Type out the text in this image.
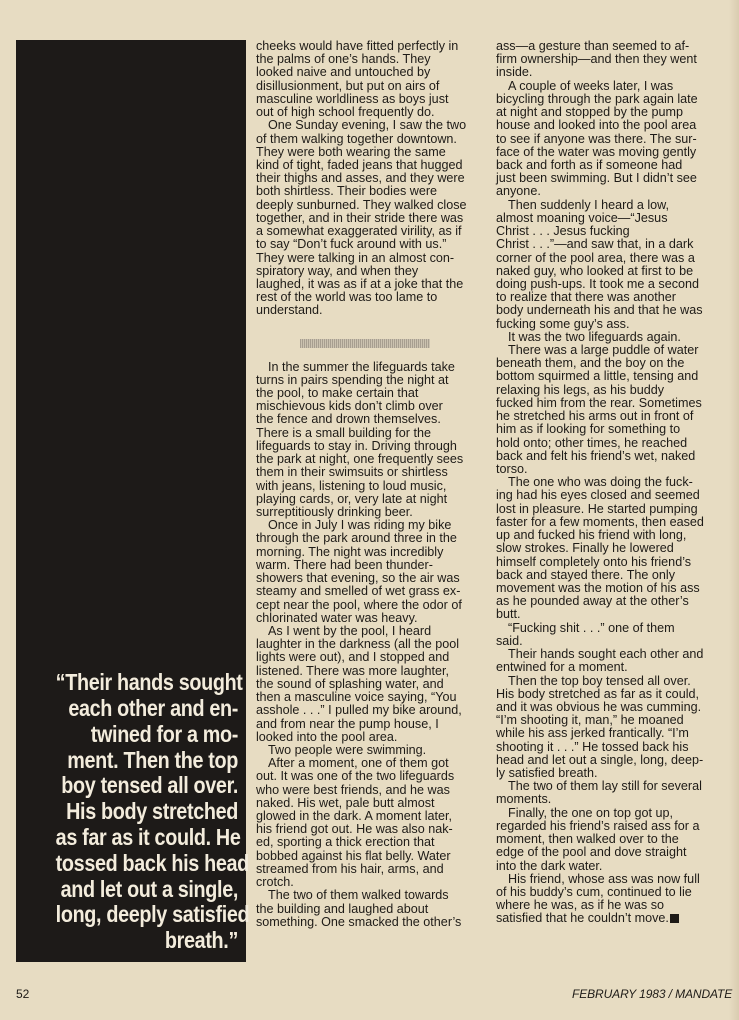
“Their hands sought
each other and en-
twined for a mo-
ment. Then the top
boy tensed all over.
His body stretched
as far as it could. He
tossed back his head
and let out a single,
long, deeply satisfied
breath.”
cheeks would have fitted perfectly in
the palms of one’s hands. They
looked naive and untouched by
disillusionment, but put on airs of
masculine worldliness as boys just
out of high school frequently do.
One Sunday evening, I saw the two
of them walking together downtown.
They were both wearing the same
kind of tight, faded jeans that hugged
their thighs and asses, and they were
both shirtless. Their bodies were
deeply sunburned. They walked close
together, and in their stride there was
a somewhat exaggerated virility, as if
to say “Don’t fuck around with us.”
They were talking in an almost con-
spiratory way, and when they
laughed, it was as if at a joke that the
rest of the world was too lame to
understand.
In the summer the lifeguards take
turns in pairs spending the night at
the pool, to make certain that
mischievous kids don’t climb over
the fence and drown themselves.
There is a small building for the
lifeguards to stay in. Driving through
the park at night, one frequently sees
them in their swimsuits or shirtless
with jeans, listening to loud music,
playing cards, or, very late at night
surreptitiously drinking beer.
Once in July I was riding my bike
through the park around three in the
morning. The night was incredibly
warm. There had been thunder-
showers that evening, so the air was
steamy and smelled of wet grass ex-
cept near the pool, where the odor of
chlorinated water was heavy.
As I went by the pool, I heard
laughter in the darkness (all the pool
lights were out), and I stopped and
listened. There was more laughter,
the sound of splashing water, and
then a masculine voice saying, “You
asshole . . .” I pulled my bike around,
and from near the pump house, I
looked into the pool area.
Two people were swimming.
After a moment, one of them got
out. It was one of the two lifeguards
who were best friends, and he was
naked. His wet, pale butt almost
glowed in the dark. A moment later,
his friend got out. He was also nak-
ed, sporting a thick erection that
bobbed against his flat belly. Water
streamed from his hair, arms, and
crotch.
The two of them walked towards
the building and laughed about
something. One smacked the other’s
ass—a gesture than seemed to af-
firm ownership—and then they went
inside.
A couple of weeks later, I was
bicycling through the park again late
at night and stopped by the pump
house and looked into the pool area
to see if anyone was there. The sur-
face of the water was moving gently
back and forth as if someone had
just been swimming. But I didn’t see
anyone.
Then suddenly I heard a low,
almost moaning voice—“Jesus
Christ . . . Jesus fucking
Christ . . .”—and saw that, in a dark
corner of the pool area, there was a
naked guy, who looked at first to be
doing push-ups. It took me a second
to realize that there was another
body underneath his and that he was
fucking some guy’s ass.
It was the two lifeguards again.
There was a large puddle of water
beneath them, and the boy on the
bottom squirmed a little, tensing and
relaxing his legs, as his buddy
fucked him from the rear. Sometimes
he stretched his arms out in front of
him as if looking for something to
hold onto; other times, he reached
back and felt his friend’s wet, naked
torso.
The one who was doing the fuck-
ing had his eyes closed and seemed
lost in pleasure. He started pumping
faster for a few moments, then eased
up and fucked his friend with long,
slow strokes. Finally he lowered
himself completely onto his friend’s
back and stayed there. The only
movement was the motion of his ass
as he pounded away at the other’s
butt.
“Fucking shit . . .” one of them
said.
Their hands sought each other and
entwined for a moment.
Then the top boy tensed all over.
His body stretched as far as it could,
and it was obvious he was cumming.
“I’m shooting it, man,” he moaned
while his ass jerked frantically. “I’m
shooting it . . .” He tossed back his
head and let out a single, long, deep-
ly satisfied breath.
The two of them lay still for several
moments.
Finally, the one on top got up,
regarded his friend’s raised ass for a
moment, then walked over to the
edge of the pool and dove straight
into the dark water.
His friend, whose ass was now full
of his buddy’s cum, continued to lie
where he was, as if he was so
satisfied that he couldn’t move.
52	FEBRUARY 1983 / MANDATE
